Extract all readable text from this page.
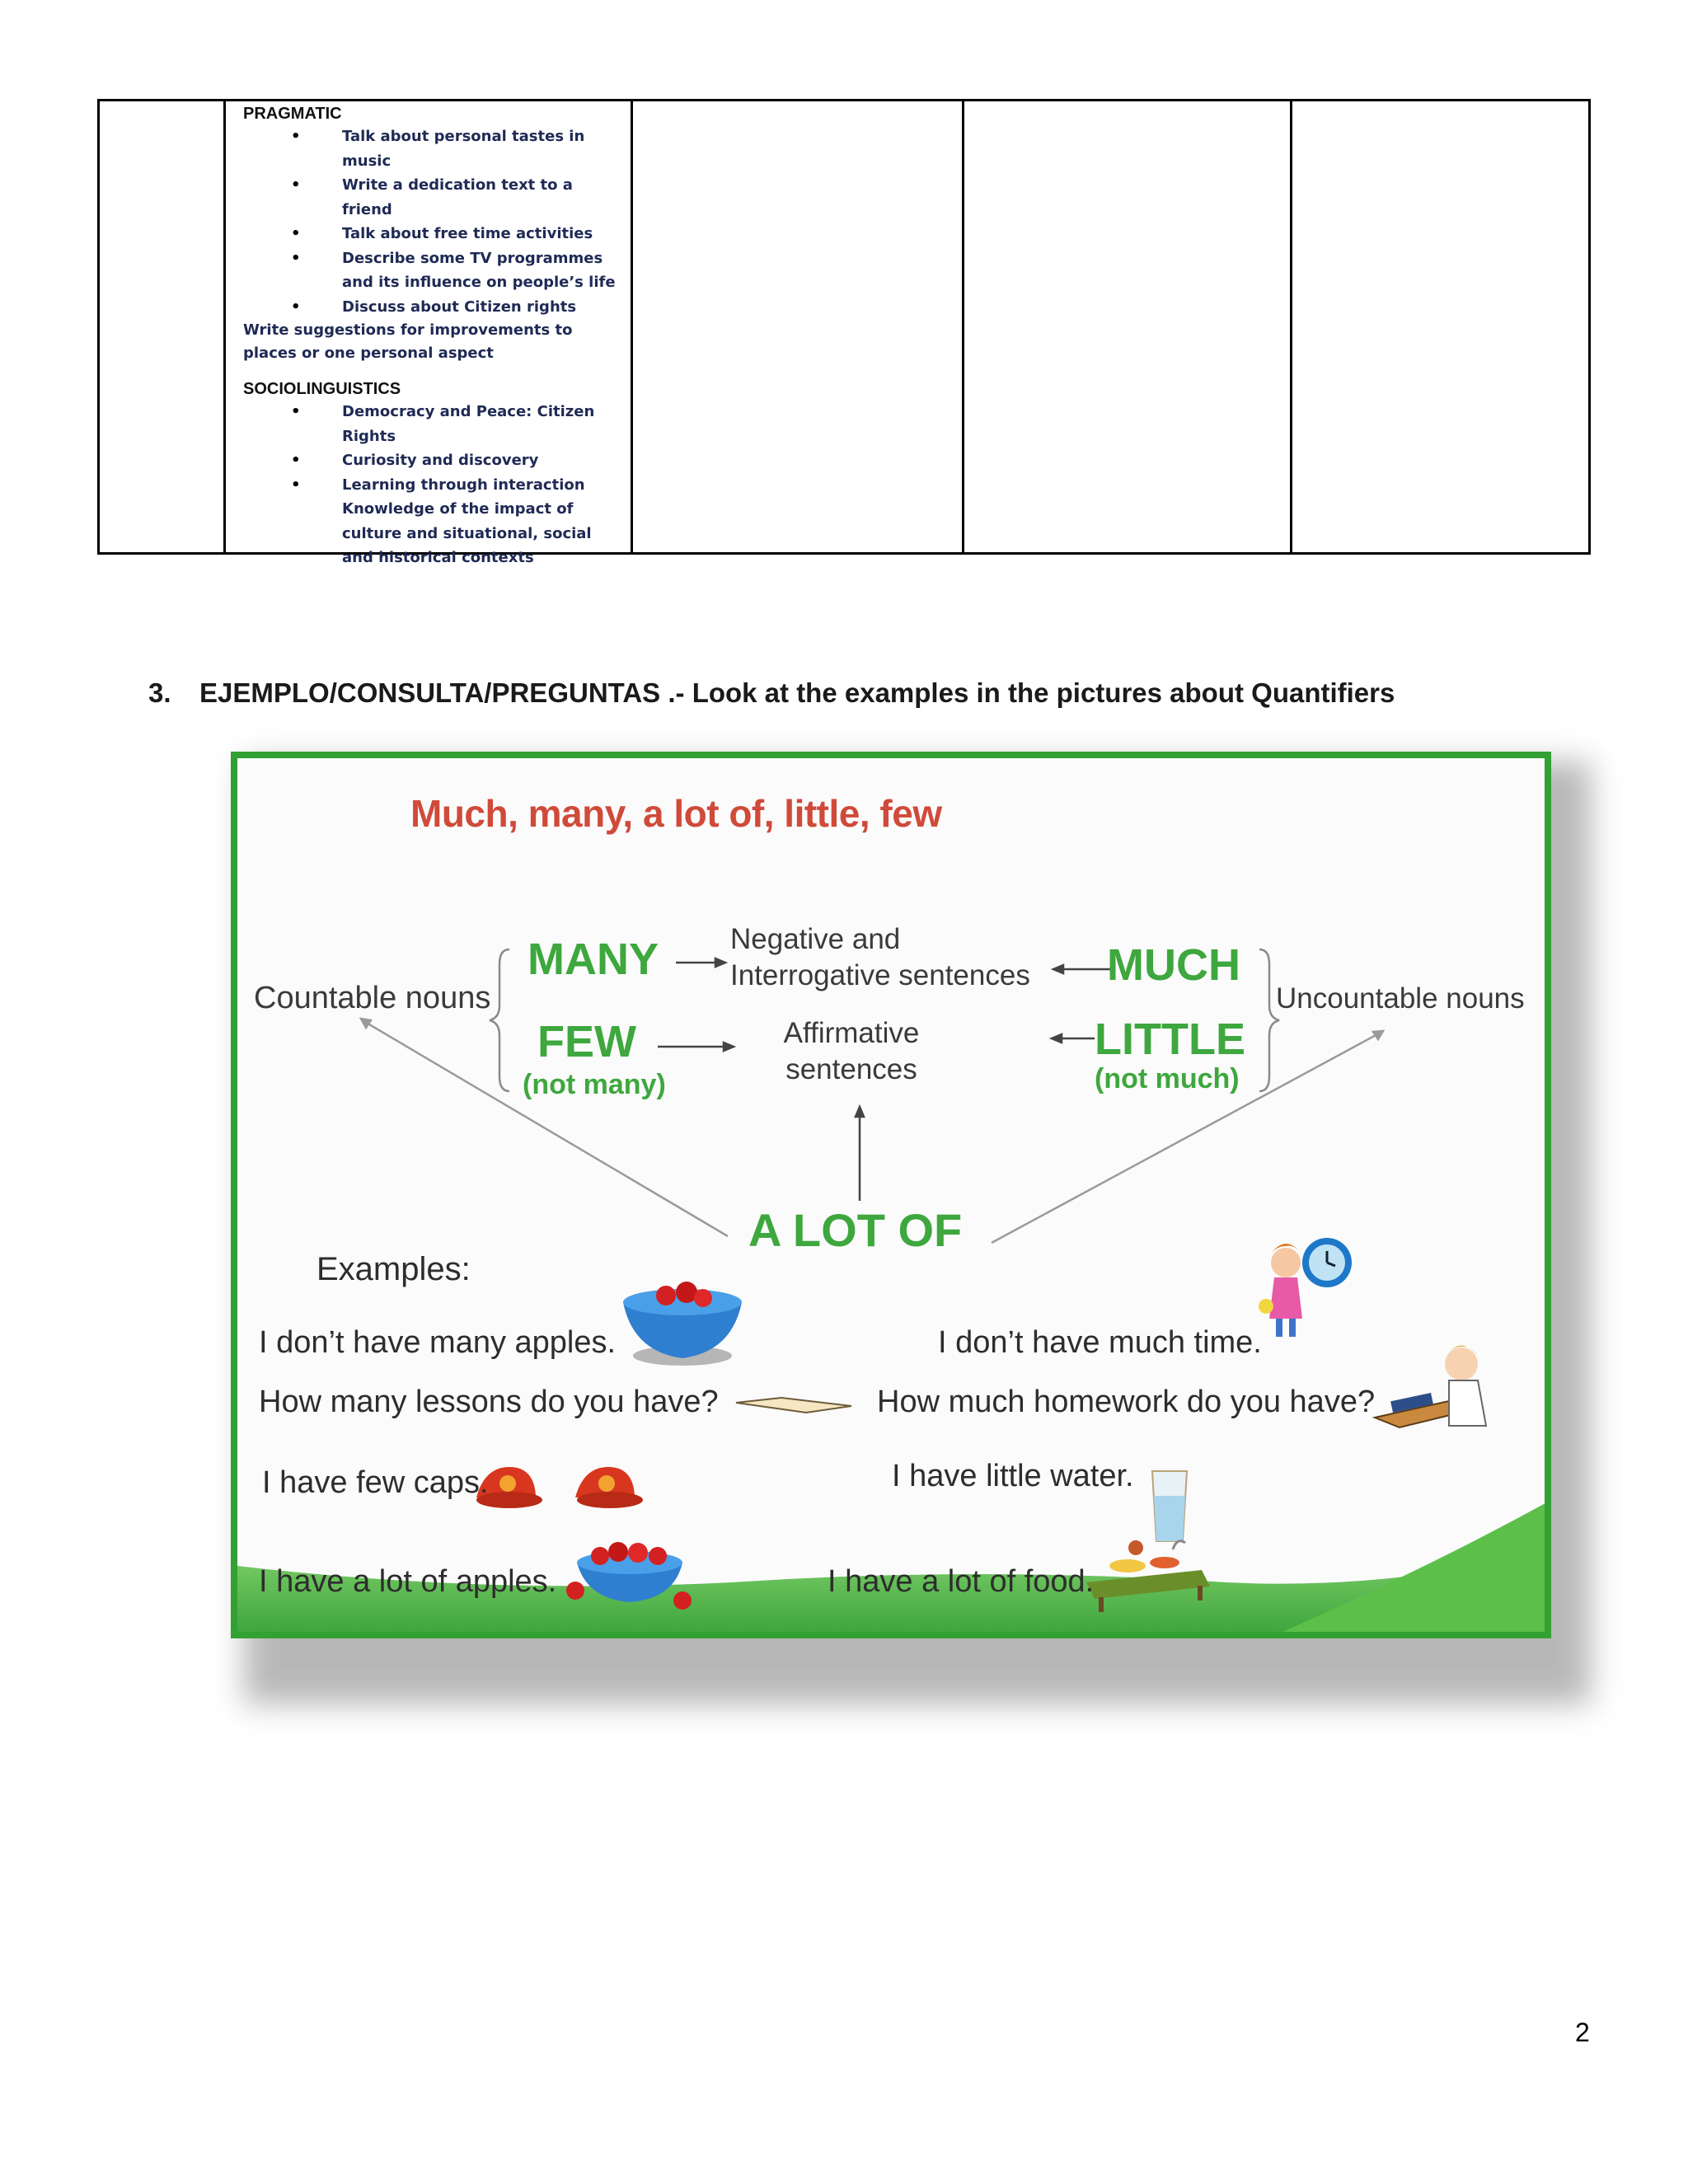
PRAGMATIC

•	Talk about personal tastes in music
•	Write a dedication text to a friend
•	Talk about free time activities
•	Describe some TV programmes and its influence on people’s life
•	Discuss about Citizen rights

Write suggestions for improvements to places or one personal aspect

SOCIOLINGUISTICS

•	Democracy and Peace: Citizen Rights
•	Curiosity and discovery
•	Learning through interaction
Knowledge of the impact of culture and situational, social and historical contexts
3. EJEMPLO/CONSULTA/PREGUNTAS .- Look at the examples in the pictures about Quantifiers
Much, many, a lot of, little, few
Countable nouns	Uncountable nouns
MANY
FEW
(not many)
MUCH
LITTLE
(not much)
Negative and
Interrogative sentences
Affirmative
sentences
A LOT OF
Examples:
I don’t have many apples.
How many lessons do you have?
I have few caps.
I have a lot of apples.
I don’t have much time.
How much homework do you have?
I have little water.
I have a lot of food.
2
